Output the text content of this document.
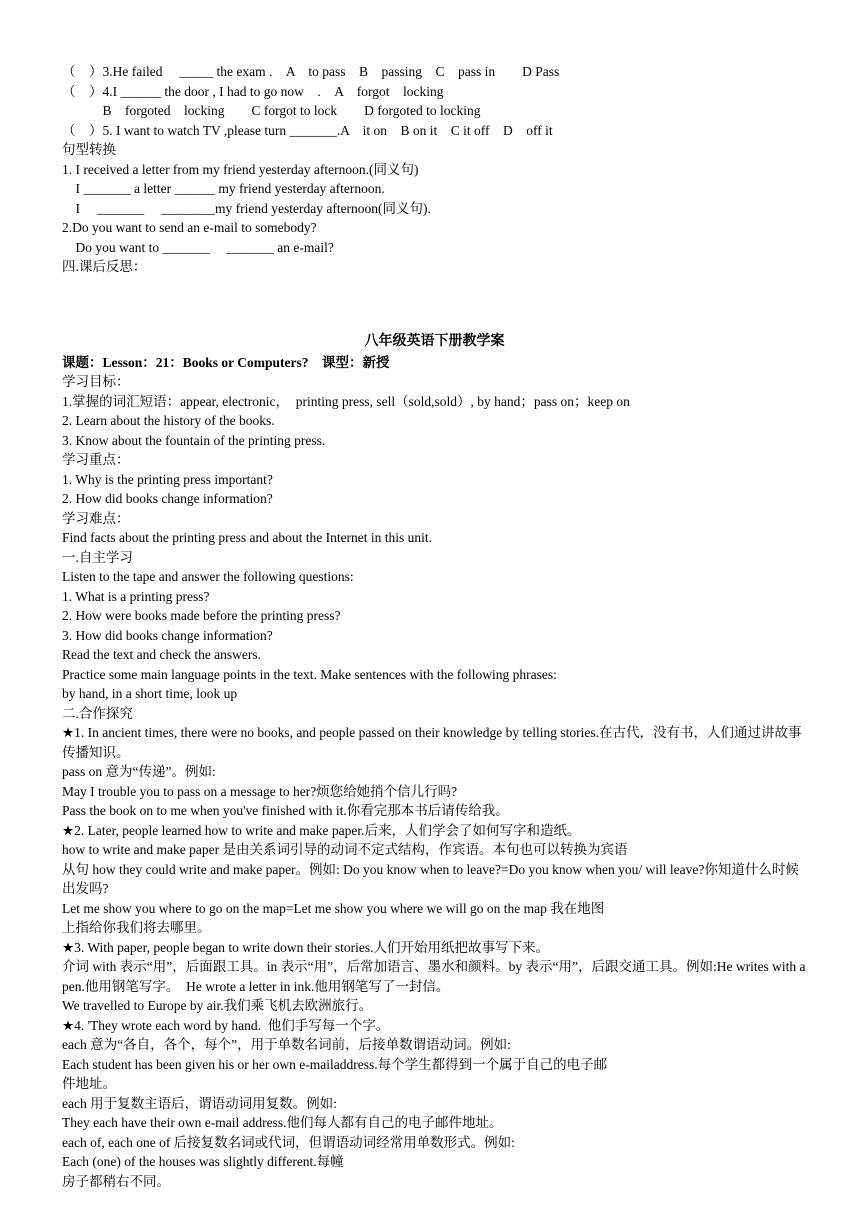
（　）3.He failed　 _____ the exam .　A　to pass　B　passing　C　pass in　　D Pass

（　）4.I ______ the door , I had to go now　.　A　forgot　locking

　　　B　forgoted　locking　　C forgot to lock　　D forgoted to locking

（　）5. I want to watch TV ,please turn _______.A　it on　B on it　C it off　D　off it

句型转换

1. I received a letter from my friend yesterday afternoon.(同义句)

　I _______ a letter ______ my friend yesterday afternoon.

　I　 _______　 ________my friend yesterday afternoon(同义句).

2.Do you want to send an e-mail to somebody?

　Do you want to _______　 _______ an e-mail?

四.课后反思：

八年级英语下册教学案

课题：Lesson：21：Books or Computers?　 课型：新授

学习目标：

1.掌握的词汇短语：appear, electronic，　printing press, sell（sold,sold）, by hand；pass on；keep on

2. Learn about the history of the books.

3. Know about the fountain of the printing press.

学习重点：

1. Why is the printing press important?

2. How did books change information?

学习难点：

Find facts about the printing press and about the Internet in this unit.

一.自主学习

Listen to the tape and answer the following questions:

1. What is a printing press?

2. How were books made before the printing press?

3. How did books change information?

Read the text and check the answers.

Practice some main language points in the text. Make sentences with the following phrases:

by hand, in a short time, look up

二.合作探究

★1. In ancient times, there were no books, and people passed on their knowledge by telling stories.在古代，没有书，人们通过讲故事传播知识。

pass on 意为“传递”。例如:

May I trouble you to pass on a message to her?烦您给她捎个信儿行吗?

Pass the book on to me when you've finished with it.你看完那本书后请传给我。

★2. Later, people learned how to write and make paper.后来，人们学会了如何写字和造纸。

how to write and make paper 是由关系词引导的动词不定式结构，作宾语。本句也可以转换为宾语

从句 how they could write and make paper。例如: Do you know when to leave?=Do you know when you/ will leave?你知道什么时候出发吗?

Let me show you where to go on the map=Let me show you where we will go on the map 我在地图

上指给你我们将去哪里。

★3. With paper, people began to write down their stories.人们开始用纸把故事写下来。

介词 with 表示“用”，后面跟工具。in 表示“用”，后常加语言、墨水和颜料。by 表示“用”，后跟交通工具。例如:He writes with a pen.他用钢笔写字。　He wrote a letter in ink.他用钢笔写了一封信。

We travelled to Europe by air.我们乘飞机去欧洲旅行。

★4. 'They wrote each word by hand.  他们手写每一个字。

each 意为“各自，各个，每个”，用于单数名词前，后接单数谓语动词。例如:

Each student has been given his or her own e-mailaddress.每个学生都得到一个属于自己的电子邮

件地址。

each 用于复数主语后，谓语动词用复数。例如:

They each have their own e-mail address.他们每人都有自己的电子邮件地址。

each of, each one of 后接复数名词或代词，但谓语动词经常用单数形式。例如:

Each (one) of the houses was slightly different.每幢

房子都稍右不同。
